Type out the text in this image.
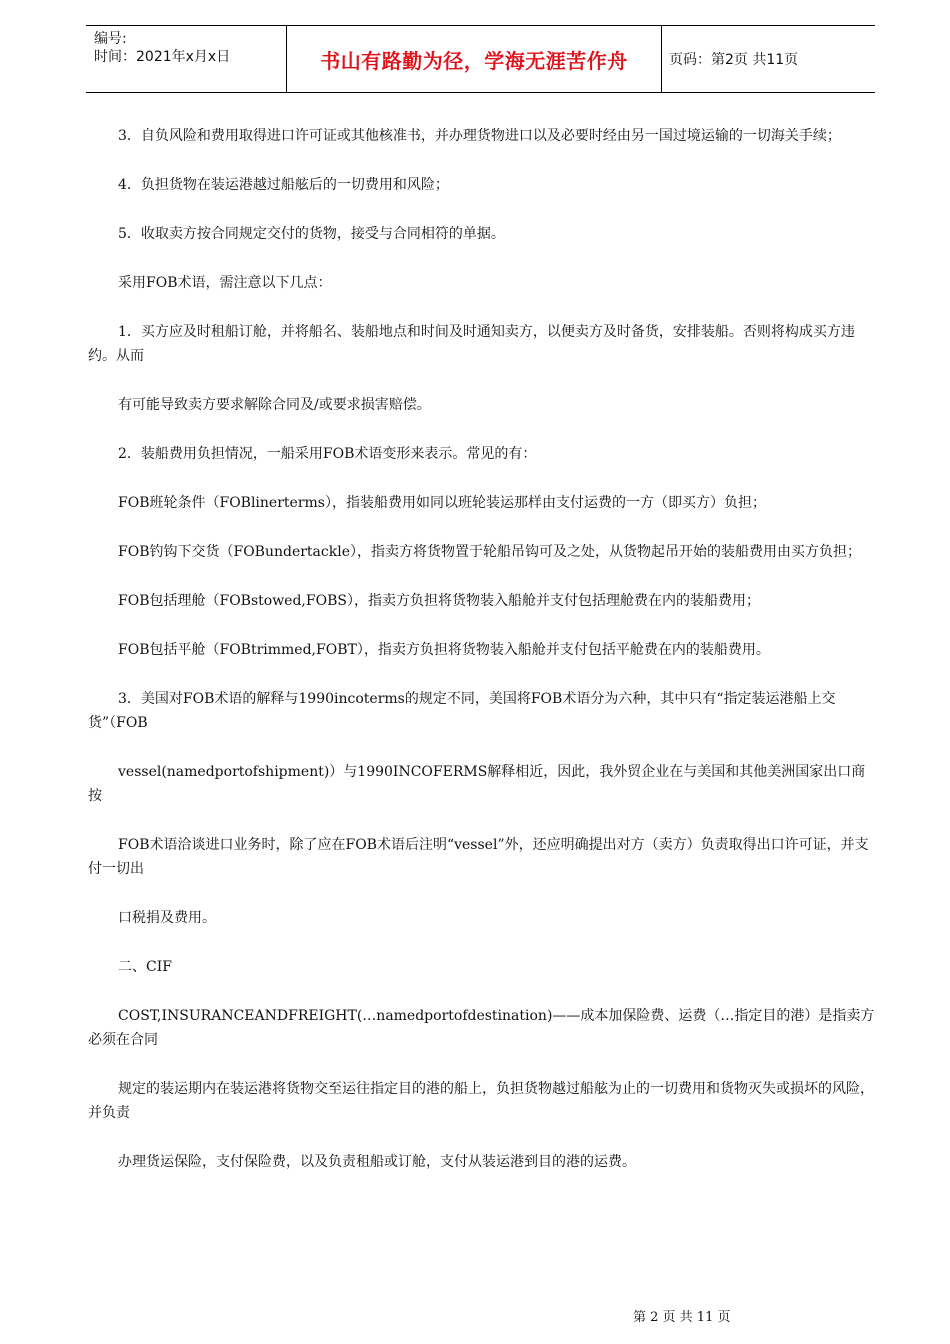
编号:
时间：2021年x月x日	书山有路勤为径，学海无涯苦作舟	页码：第2页 共11页

3．自负风险和费用取得进口许可证或其他核准书，并办理货物进口以及必要时经由另一国过境运输的一切海关手续；

4．负担货物在装运港越过船舷后的一切费用和风险；

5．收取卖方按合同规定交付的货物，接受与合同相符的单据。

采用FOB术语，需注意以下几点：

1．买方应及时租船订舱，并将船名、装船地点和时间及时通知卖方，以便卖方及时备货，安排装船。否则将构成买方违约。从而

有可能导致卖方要求解除合同及/或要求损害赔偿。

2．装船费用负担情况，一船采用FOB术语变形来表示。常见的有：

FOB班轮条件（FOBlinerterms），指装船费用如同以班轮装运那样由支付运费的一方（即买方）负担；

FOB钓钩下交货（FOBundertackle），指卖方将货物置于轮船吊钩可及之处，从货物起吊开始的装船费用由买方负担；

FOB包括理舱（FOBstowed,FOBS），指卖方负担将货物装入船舱并支付包括理舱费在内的装船费用；

FOB包括平舱（FOBtrimmed,FOBT），指卖方负担将货物装入船舱并支付包括平舱费在内的装船费用。

3．美国对FOB术语的解释与1990incoterms的规定不同，美国将FOB术语分为六种，其中只有“指定装运港船上交货”（FOB

vessel(namedportofshipment)）与1990INCOFERMS解释相近，因此，我外贸企业在与美国和其他美洲国家出口商按

FOB术语洽谈进口业务时，除了应在FOB术语后注明“vessel”外，还应明确提出对方（卖方）负责取得出口许可证，并支付一切出

口税捐及费用。

二、CIF

COST,INSURANCEANDFREIGHT(…namedportofdestination)——成本加保险费、运费（…指定目的港）是指卖方必须在合同

规定的装运期内在装运港将货物交至运往指定目的港的船上，负担货物越过船舷为止的一切费用和货物灭失或损坏的风险，并负责

办理货运保险，支付保险费，以及负责租船或订舱，支付从装运港到目的港的运费。

第 2 页 共 11 页
